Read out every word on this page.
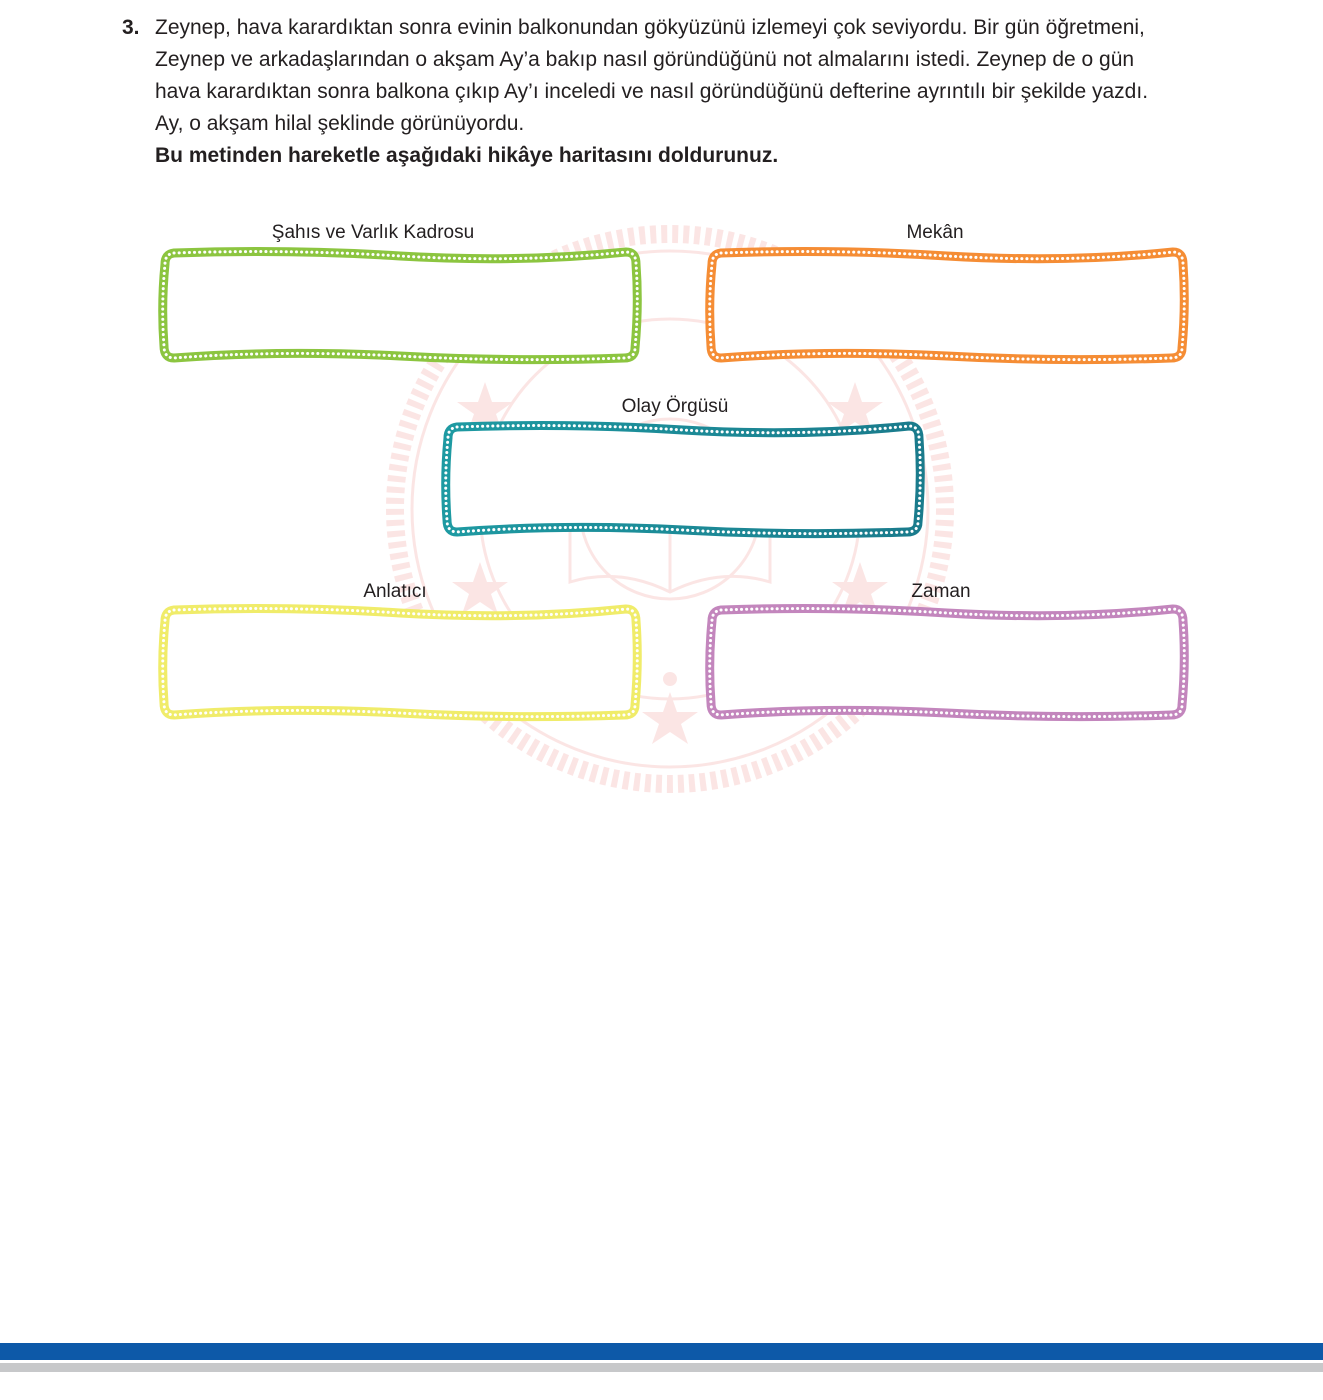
3. Zeynep, hava karardıktan sonra evinin balkonundan gökyüzünü izlemeyi çok seviyordu. Bir gün öğretmeni,

Zeynep ve arkadaşlarından o akşam Ay’a bakıp nasıl göründüğünü not almalarını istedi. Zeynep de o gün

hava karardıktan sonra balkona çıkıp Ay’ı inceledi ve nasıl göründüğünü defterine ayrıntılı bir şekilde yazdı.

Ay, o akşam hilal şeklinde görünüyordu.

Bu metinden hareketle aşağıdaki hikâye haritasını doldurunuz.

Şahıs ve Varlık Kadrosu	Mekân
Olay Örgüsü
Anlatıcı	Zaman
